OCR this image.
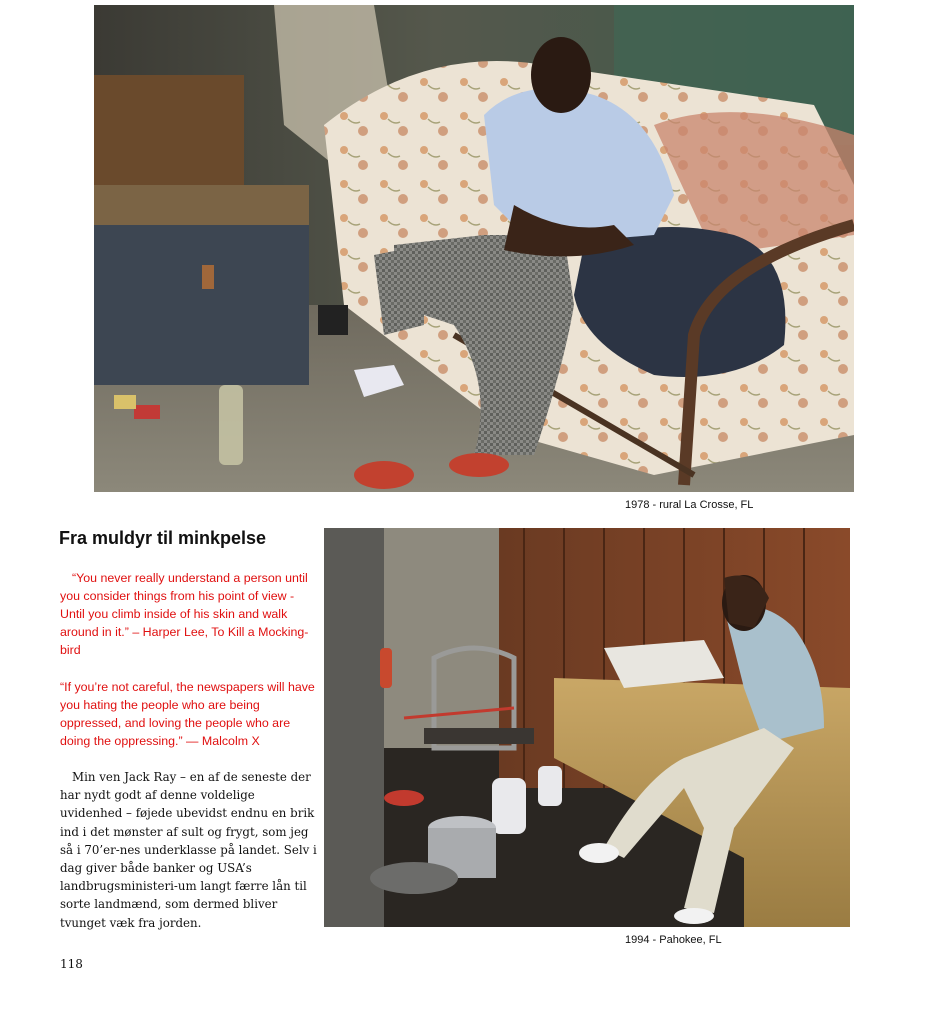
1978 - rural La Crosse, FL
Fra muldyr til minkpelse

“You never really understand a person until you consider things from his point of view - Until you climb inside of his skin and walk around in it.” – Harper Lee, To Kill a Mocking-bird

“If you’re not careful, the newspapers will have you hating the people who are being oppressed, and loving the people who are doing the oppressing.” — Malcolm X

Min ven Jack Ray – en af de seneste der har nydt godt af denne voldelige uvidenhed – føjede ubevidst endnu en brik ind i det mønster af sult og frygt, som jeg så i 70’er-nes underklasse på landet. Selv i dag giver både banker og USA’s landbrugsministeri-um langt færre lån til sorte landmænd, som dermed bliver tvunget væk fra jorden.

1994 - Pahokee, FL
118
